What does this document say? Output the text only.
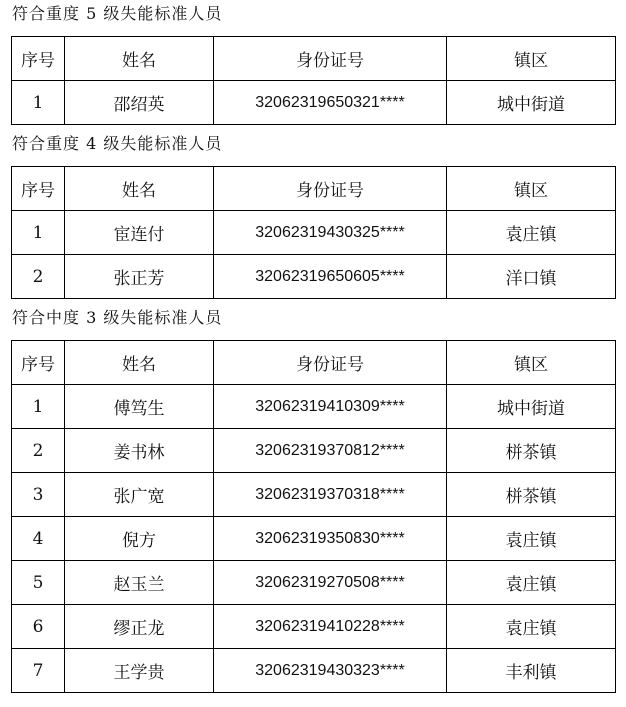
符合重度 5 级失能标准人员
序号	姓名	身份证号	镇区
1	邵绍英	32062319650321****	城中街道
符合重度 4 级失能标准人员
序号	姓名	身份证号	镇区
1	宦连付	32062319430325****	袁庄镇
2	张正芳	32062319650605****	洋口镇
符合中度 3 级失能标准人员
序号	姓名	身份证号	镇区
1	傅笃生	32062319410309****	城中街道
2	姜书林	32062319370812****	栟茶镇
3	张广宽	32062319370318****	栟茶镇
4	倪方	32062319350830****	袁庄镇
5	赵玉兰	32062319270508****	袁庄镇
6	缪正龙	32062319410228****	袁庄镇
7	王学贵	32062319430323****	丰利镇
